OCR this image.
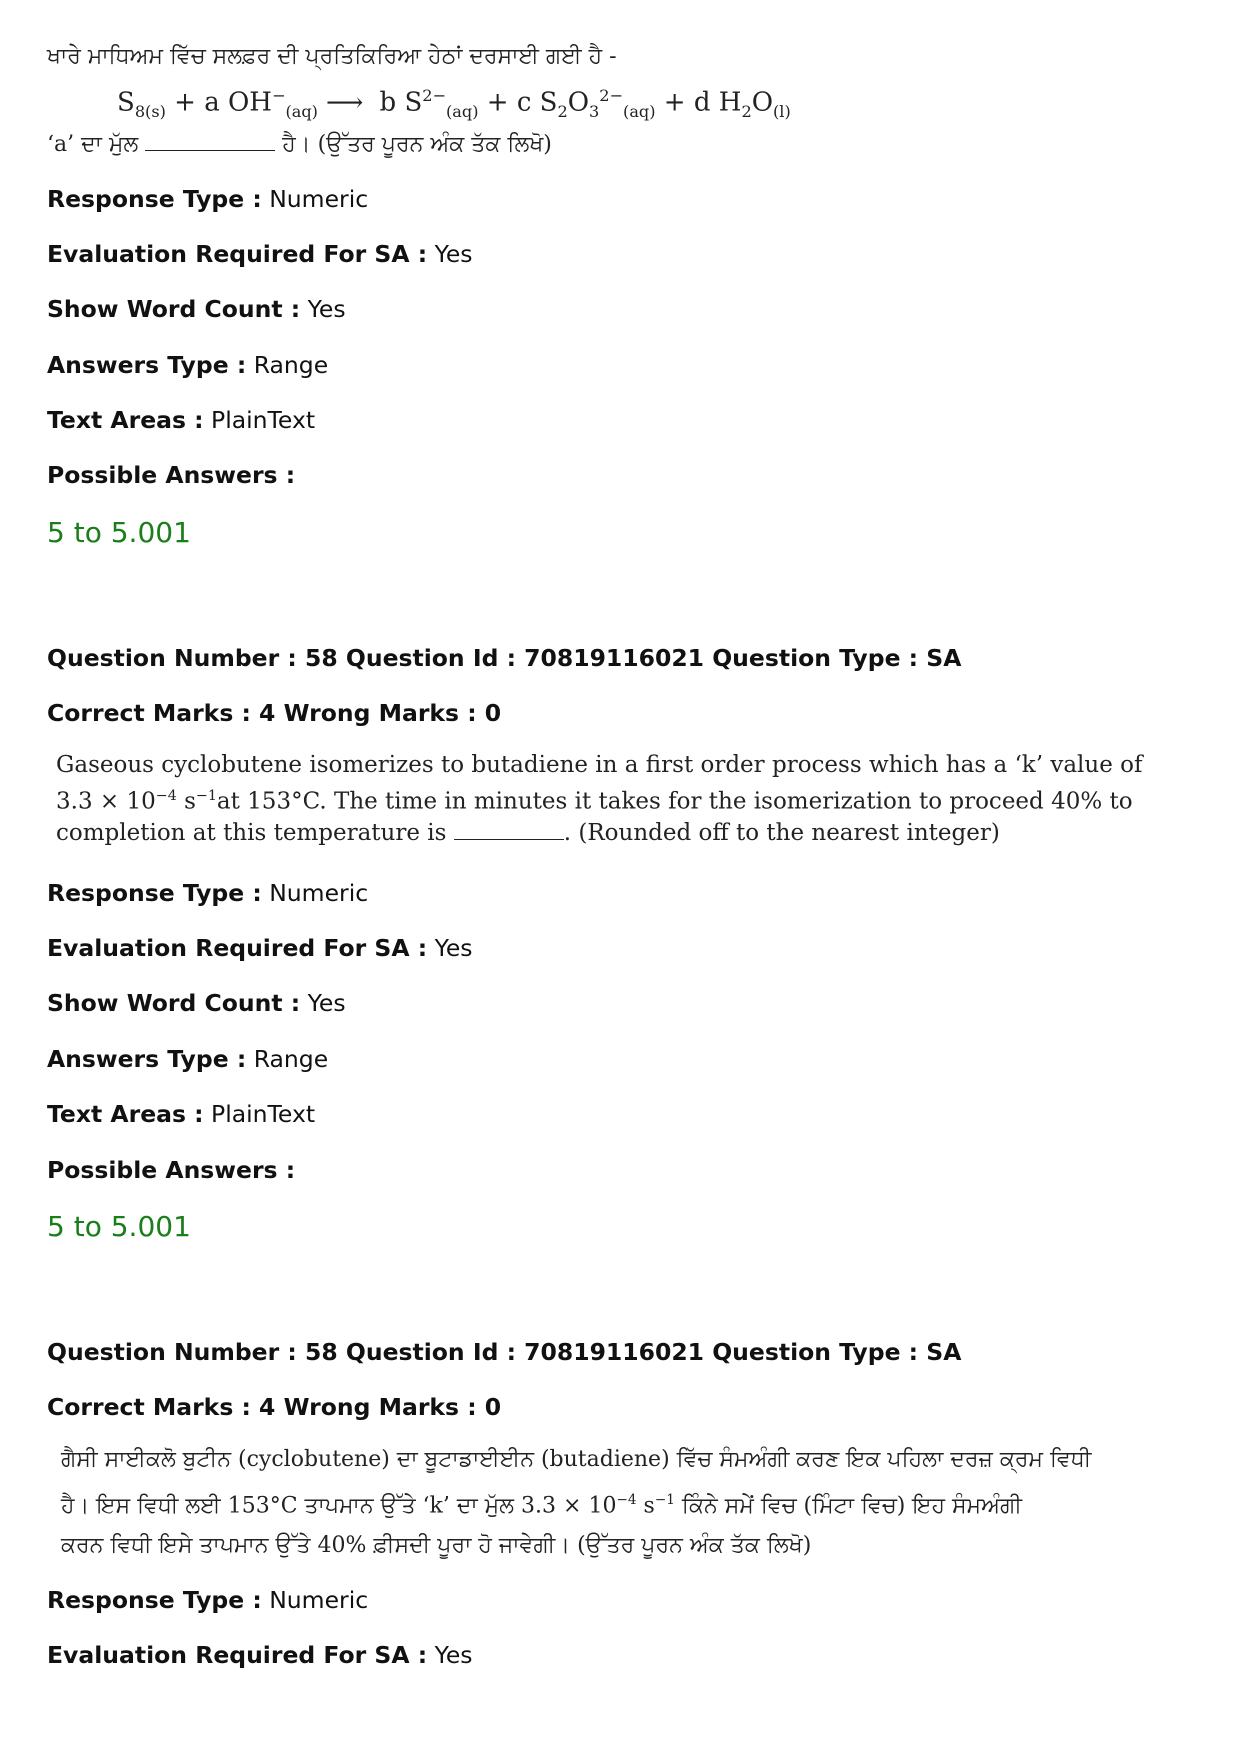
ਖਾਰੇ ਮਾਧਿਅਮ ਵਿੱਚ ਸਲਫ਼ਰ ਦੀ ਪ੍ਰਤਿਕਿਰਿਆ ਹੇਠਾਂ ਦਰਸਾਈ ਗਈ ਹੈ -
$S_{8(s)} + a$ $OH^-_{(aq)}$ ⟶ b $S^{2-}_{(aq)} + c$ $S_2O_3^{2-}_{(aq)} + d$ $H_2O_{(l)}$
‘a’ ਦਾ ਮੁੱਲ	ਹੈ। (ਉੱਤਰ ਪੂਰਨ ਅੰਕ ਤੱਕ ਲਿਖੋ)
Response Type : Numeric
Evaluation Required For SA : Yes
Show Word Count : Yes
Answers Type : Range
Text Areas : PlainText
Possible Answers :
5 to 5.001
Question Number : 58 Question Id : 70819116021 Question Type : SA
Correct Marks : 4 Wrong Marks : 0
Gaseous cyclobutene isomerizes to butadiene in a first order process which has a ‘k’ value of
$3.3 \times 10^{-4}$ $s^{-1}at$ 153°C. The time in minutes it takes for the isomerization to proceed 40% to
completion at this temperature is	. (Rounded off to the nearest integer)
Response Type : Numeric
Evaluation Required For SA : Yes
Show Word Count : Yes
Answers Type : Range
Text Areas : PlainText
Possible Answers :
5 to 5.001
Question Number : 58 Question Id : 70819116021 Question Type : SA
Correct Marks : 4 Wrong Marks : 0
ਗੈਸੀ ਸਾਈਕਲੋ ਬੁਟੀਨ (cyclobutene) ਦਾ ਬੂਟਾਡਾਈਈਨ (butadiene) ਵਿੱਚ ਸੰਮਅੰਗੀ ਕਰਣ ਇਕ ਪਹਿਲਾ ਦਰਜ਼ ਕ੍ਰਮ ਵਿਧੀ
ਹੈ। ਇਸ ਵਿਧੀ ਲਈ 153°C ਤਾਪਮਾਨ ਉੱਤੇ ‘k’ ਦਾ ਮੁੱਲ $3.3 \times 10^{-4}$ $s^{-1}$ ਕਿੰਨੇ ਸਮੇਂ ਵਿਚ (ਮਿੰਟਾ ਵਿਚ) ਇਹ ਸੰਮਅੰਗੀ
ਕਰਨ ਵਿਧੀ ਇਸੇ ਤਾਪਮਾਨ ਉੱਤੇ 40% ਫ਼ੀਸਦੀ ਪੂਰਾ ਹੋ ਜਾਵੇਗੀ। (ਉੱਤਰ ਪੂਰਨ ਅੰਕ ਤੱਕ ਲਿਖੋ)
Response Type : Numeric
Evaluation Required For SA : Yes
